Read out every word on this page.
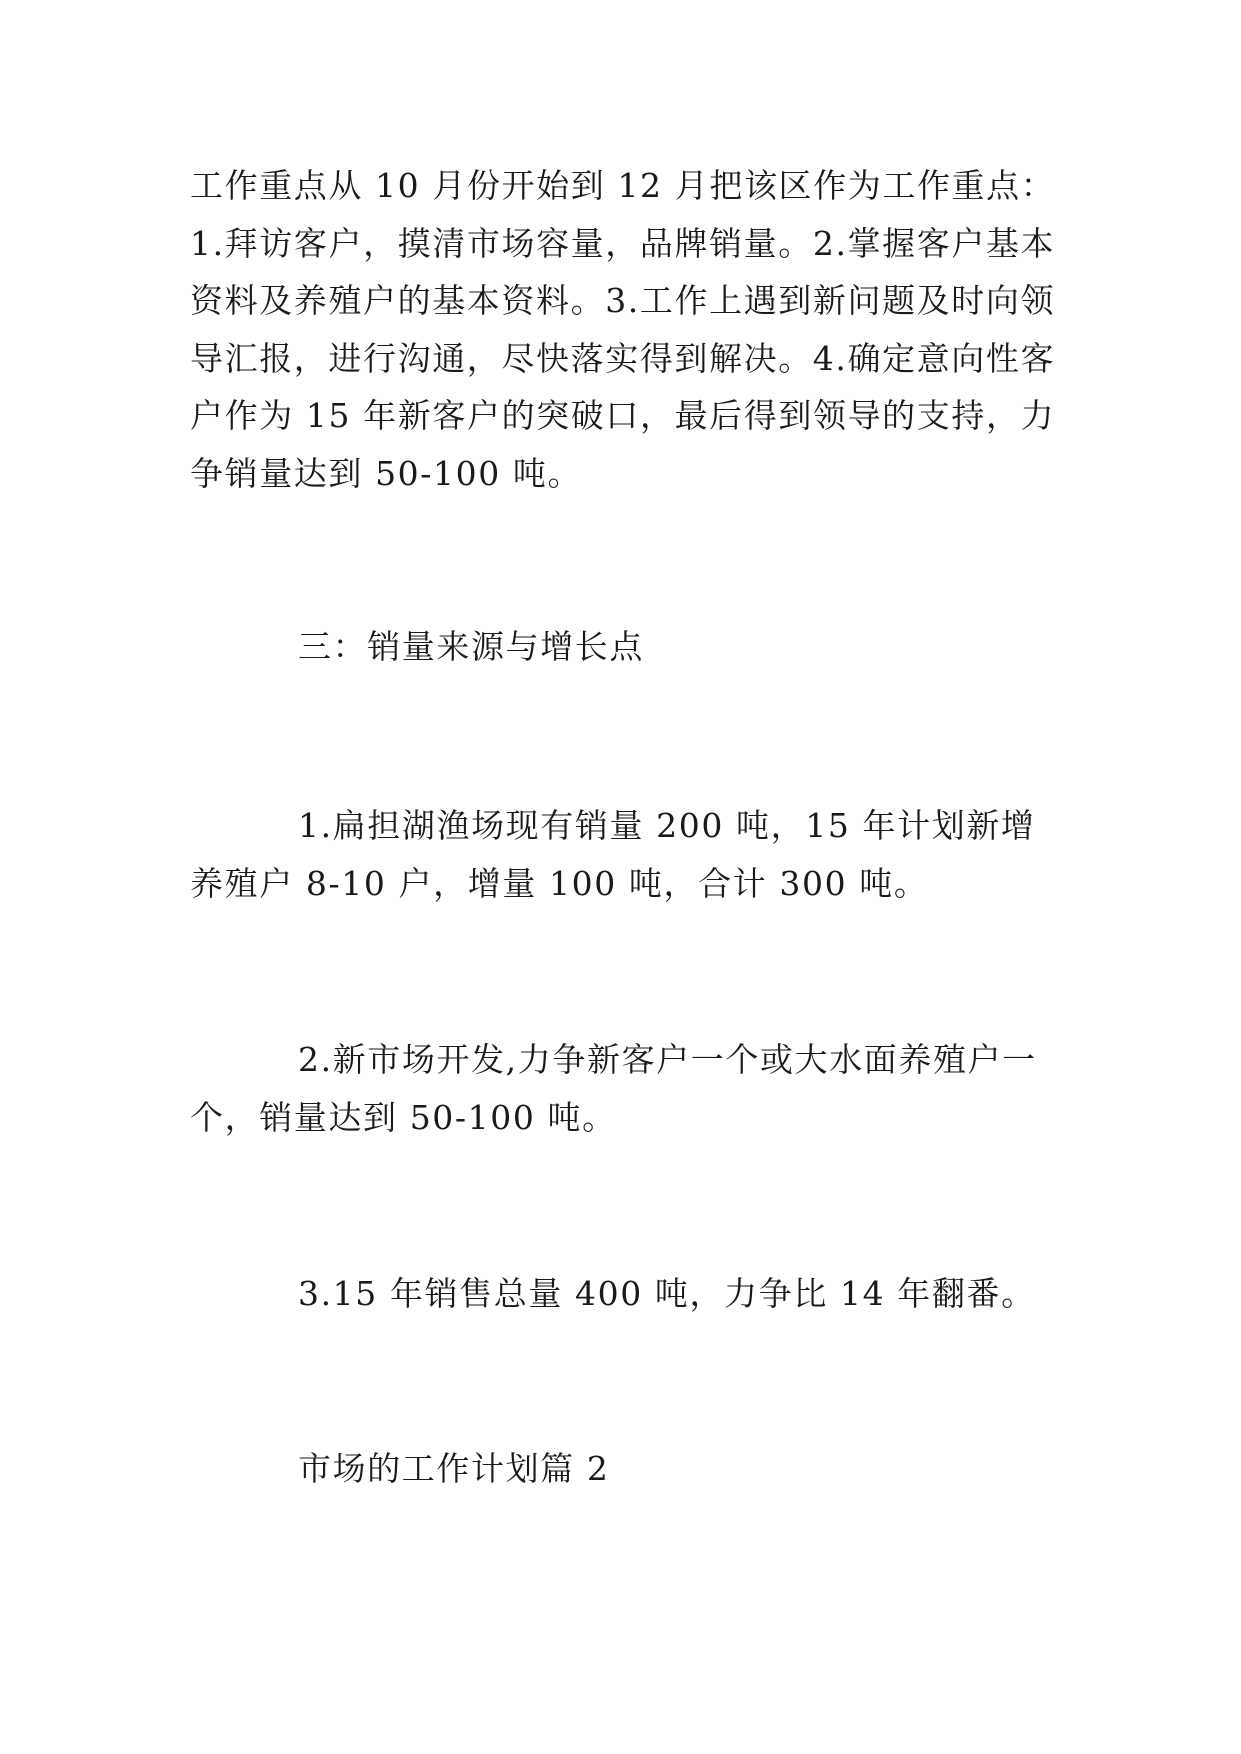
工作重点从 10 月份开始到 12 月把该区作为工作重点：1.拜访客户，摸清市场容量，品牌销量。2.掌握客户基本资料及养殖户的基本资料。3.工作上遇到新问题及时向领导汇报，进行沟通，尽快落实得到解决。4.确定意向性客户作为 15 年新客户的突破口，最后得到领导的支持，力争销量达到 50-100 吨。

三：销量来源与增长点

1.扁担湖渔场现有销量 200 吨，15 年计划新增养殖户 8-10 户，增量 100 吨，合计 300 吨。

2.新市场开发,力争新客户一个或大水面养殖户一个，销量达到 50-100 吨。

3.15 年销售总量 400 吨，力争比 14 年翻番。

市场的工作计划篇 2
